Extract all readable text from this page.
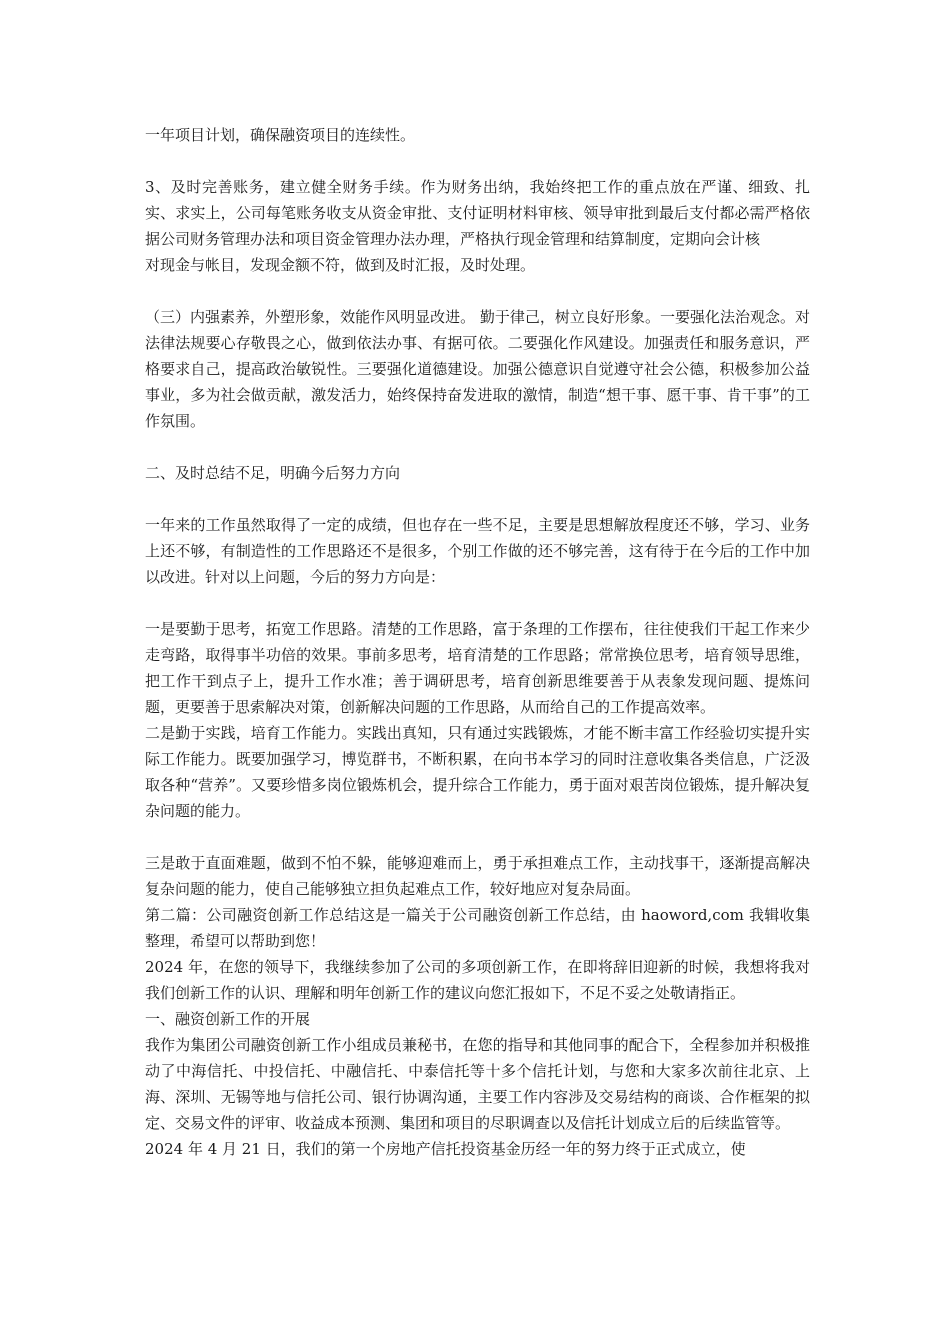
一年项目计划，确保融资项目的连续性。

3、及时完善账务，建立健全财务手续。作为财务出纳，我始终把工作的重点放在严谨、细致、扎实、求实上，公司每笔账务收支从资金审批、支付证明材料审核、领导审批到最后支付都必需严格依据公司财务管理办法和项目资金管理办法办理，严格执行现金管理和结算制度，定期向会计核

对现金与帐目，发现金额不符，做到及时汇报，及时处理。

（三）内强素养，外塑形象，效能作风明显改进。 勤于律己，树立良好形象。一要强化法治观念。对法律法规要心存敬畏之心，做到依法办事、有据可依。二要强化作风建设。加强责任和服务意识，严格要求自己，提高政治敏锐性。三要强化道德建设。加强公德意识自觉遵守社会公德，积极参加公益事业，多为社会做贡献，激发活力，始终保持奋发进取的激情，制造“想干事、愿干事、肯干事”的工作氛围。

二、及时总结不足，明确今后努力方向

一年来的工作虽然取得了一定的成绩，但也存在一些不足，主要是思想解放程度还不够，学习、业务上还不够，有制造性的工作思路还不是很多，个别工作做的还不够完善，这有待于在今后的工作中加以改进。针对以上问题，今后的努力方向是：

一是要勤于思考，拓宽工作思路。清楚的工作思路，富于条理的工作摆布，往往使我们干起工作来少走弯路，取得事半功倍的效果。事前多思考，培育清楚的工作思路；常常换位思考，培育领导思维，把工作干到点子上，提升工作水准；善于调研思考，培育创新思维要善于从表象发现问题、提炼问题，更要善于思索解决对策，创新解决问题的工作思路，从而给自己的工作提高效率。

二是勤于实践，培育工作能力。实践出真知，只有通过实践锻炼，才能不断丰富工作经验切实提升实际工作能力。既要加强学习，博览群书，不断积累，在向书本学习的同时注意收集各类信息，广泛汲取各种“营养”。又要珍惜多岗位锻炼机会，提升综合工作能力，勇于面对艰苦岗位锻炼，提升解决复杂问题的能力。

三是敢于直面难题，做到不怕不躲，能够迎难而上，勇于承担难点工作，主动找事干，逐渐提高解决复杂问题的能力，使自己能够独立担负起难点工作，较好地应对复杂局面。

第二篇：公司融资创新工作总结这是一篇关于公司融资创新工作总结，由 haoword,com 我辑收集整理，希望可以帮助到您！

2024 年，在您的领导下，我继续参加了公司的多项创新工作，在即将辞旧迎新的时候，我想将我对我们创新工作的认识、理解和明年创新工作的建议向您汇报如下，不足不妥之处敬请指正。

一、融资创新工作的开展

我作为集团公司融资创新工作小组成员兼秘书，在您的指导和其他同事的配合下，全程参加并积极推动了中海信托、中投信托、中融信托、中泰信托等十多个信托计划，与您和大家多次前往北京、上海、深圳、无锡等地与信托公司、银行协调沟通，主要工作内容涉及交易结构的商谈、合作框架的拟定、交易文件的评审、收益成本预测、集团和项目的尽职调查以及信托计划成立后的后续监管等。

2024 年 4 月 21 日，我们的第一个房地产信托投资基金历经一年的努力终于正式成立，使
